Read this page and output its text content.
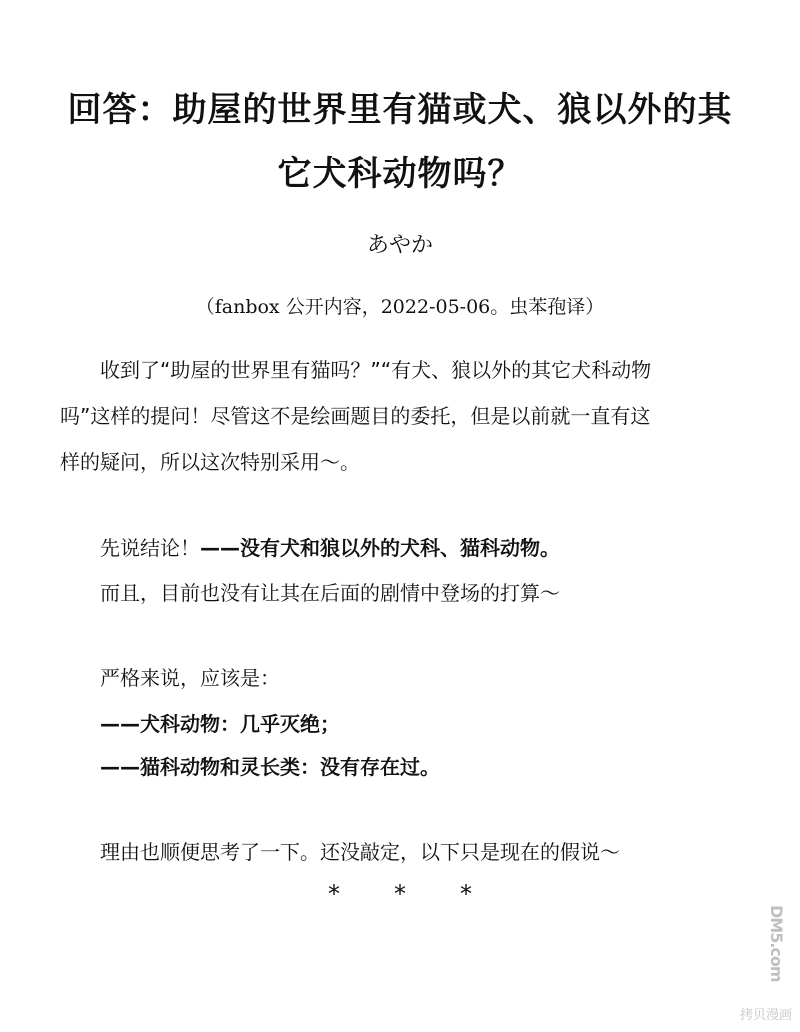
回答：助屋的世界里有猫或犬、狼以外的其
它犬科动物吗？
あやか
（fanbox 公开内容，2022-05-06。虫苯孢译）
收到了“助屋的世界里有猫吗？”“有犬、狼以外的其它犬科动物
吗”这样的提问！尽管这不是绘画题目的委托，但是以前就一直有这
样的疑问，所以这次特别采用～。
先说结论！——没有犬和狼以外的犬科、猫科动物。
而且，目前也没有让其在后面的剧情中登场的打算～
严格来说，应该是：
——犬科动物：几乎灭绝；
——猫科动物和灵长类：没有存在过。
理由也顺便思考了一下。还没敲定，以下只是现在的假说～
* * *
DM5.com
拷贝漫画
